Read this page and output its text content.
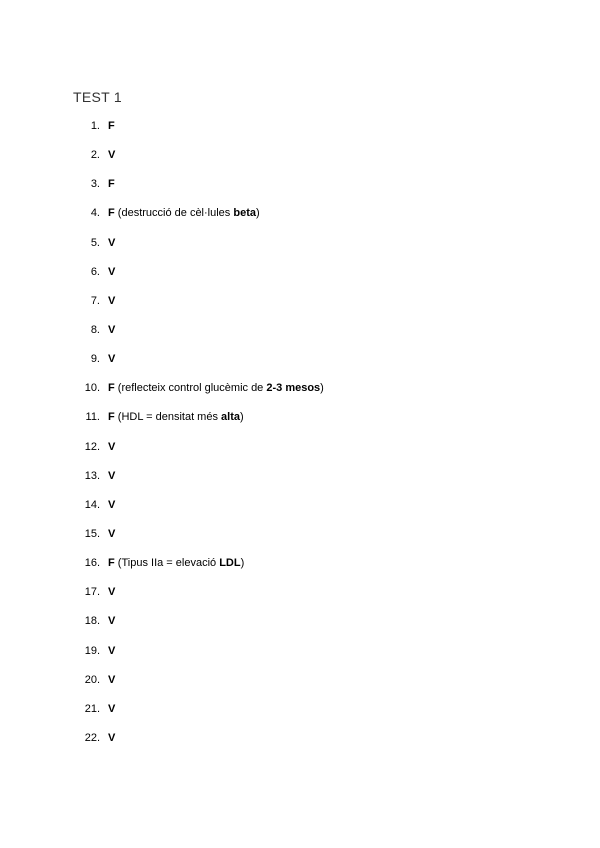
TEST 1
1. F
2. V
3. F
4. F (destrucció de cèl·lules beta)
5. V
6. V
7. V
8. V
9. V
10. F (reflecteix control glucèmic de 2-3 mesos)
11. F (HDL = densitat més alta)
12. V
13. V
14. V
15. V
16. F (Tipus IIa = elevació LDL)
17. V
18. V
19. V
20. V
21. V
22. V
